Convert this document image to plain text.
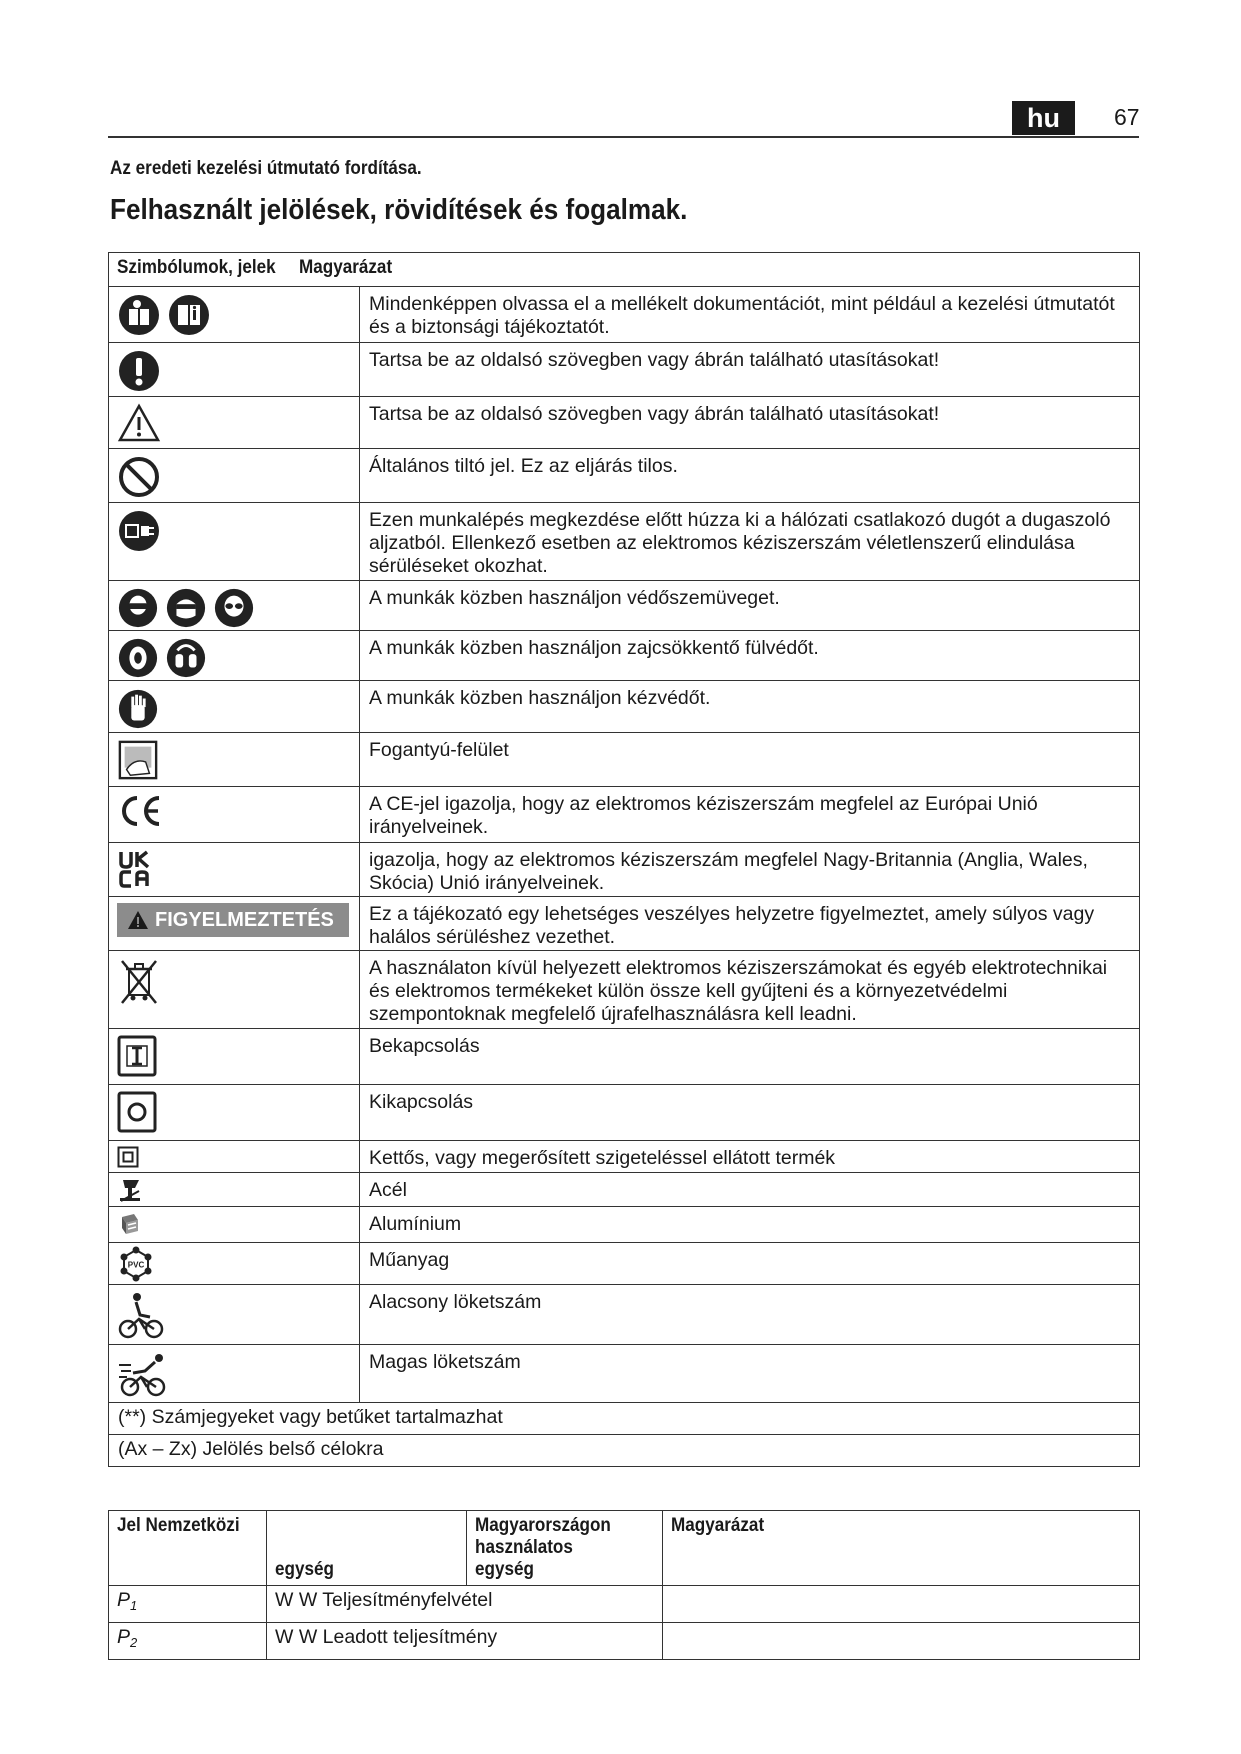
hu	67
Az eredeti kezelési útmutató fordítása.
Felhasznált jelölések, rövidítések és fogalmak.
Szimbólumok, jelek Magyarázat	

	Mindenképpen olvassa el a mellékelt dokumentációt, mint például a kezelési útmutatót és a biztonsági tájékoztatót.

	Tartsa be az oldalsó szövegben vagy ábrán található utasításokat!

	Tartsa be az oldalsó szövegben vagy ábrán található utasításokat!

	Általános tiltó jel. Ez az eljárás tilos.

	Ezen munkalépés megkezdése előtt húzza ki a hálózati csatlakozó dugót a dugaszoló aljzatból. Ellenkező esetben az elektromos kéziszerszám véletlenszerű elindulása sérüléseket okozhat.

	A munkák közben használjon védőszemüveget.

	A munkák közben használjon zajcsökkentő fülvédőt.

	A munkák közben használjon kézvédőt.

	Fogantyú-felület

	A CE-jel igazolja, hogy az elektromos kéziszerszám megfelel az Európai Unió irányelveinek.

	igazolja, hogy az elektromos kéziszerszám megfelel Nagy-Britannia (Anglia, Wales, Skócia) Unió irányelveinek.

FIGYELMEZTETÉS	Ez a tájékozató egy lehetséges veszélyes helyzetre figyelmeztet, amely súlyos vagy halálos sérüléshez vezethet.

	A használaton kívül helyezett elektromos kéziszerszámokat és egyéb elektrotechnikai és elektromos termékeket külön össze kell gyűjteni és a környezetvédelmi szempontoknak megfelelő újrafelhasználásra kell leadni.

	Bekapcsolás

	Kikapcsolás

	Kettős, vagy megerősített szigeteléssel ellátott termék

	Acél

	Alumínium

PVC	Műanyag

	Alacsony löketszám

	Magas löketszám
(**) Számjegyeket vagy betűket tartalmazhat	
(Ax – Zx) Jelölés belső célokra	
Jel Nemzetközi	egység	Magyarországon használatos egység	Magyarázat
$P_1$	W W Teljesítményfelvétel		
$P_2$	W W Leadott teljesítmény		
